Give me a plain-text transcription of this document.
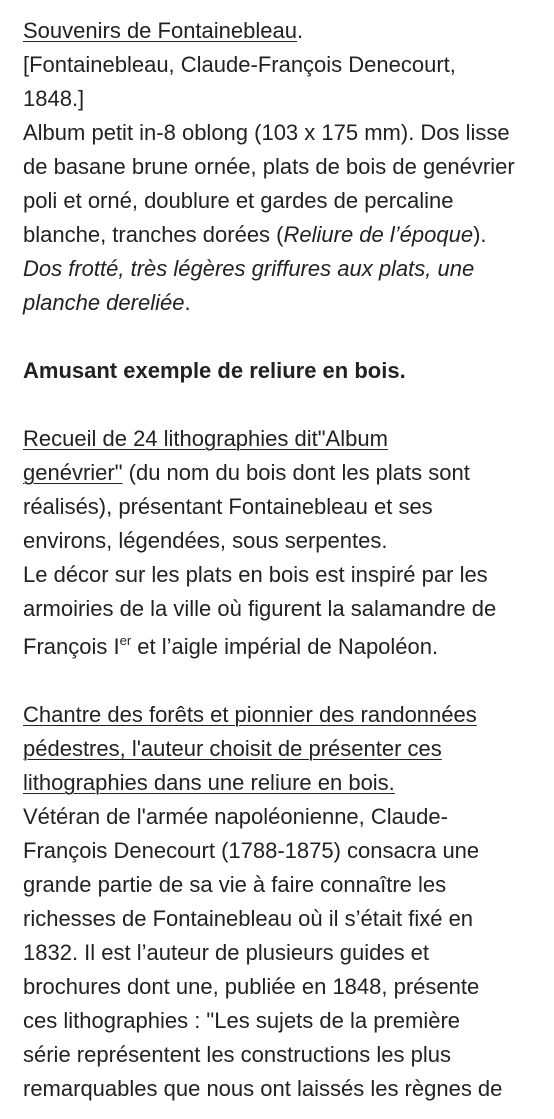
Souvenirs de Fontainebleau.
[Fontainebleau, Claude-François Denecourt,
1848.]

Album petit in-8 oblong (103 x 175 mm). Dos lisse
de basane brune ornée, plats de bois de genévrier
poli et orné, doublure et gardes de percaline
blanche, tranches dorées (Reliure de l’époque).
Dos frotté, très légères griffures aux plats, une
planche dereliée.

Amusant exemple de reliure en bois.

Recueil de 24 lithographies dit"Album
genévrier" (du nom du bois dont les plats sont
réalisés), présentant Fontainebleau et ses
environs, légendées, sous serpentes.
Le décor sur les plats en bois est inspiré par les
armoiries de la ville où figurent la salamandre de
François Ier et l’aigle impérial de Napoléon.

Chantre des forêts et pionnier des randonnées
pédestres, l'auteur choisit de présenter ces
lithographies dans une reliure en bois.
Vétéran de l'armée napoléonienne, Claude-
François Denecourt (1788-1875) consacra une
grande partie de sa vie à faire connaître les
richesses de Fontainebleau où il s’était fixé en
1832. Il est l’auteur de plusieurs guides et
brochures dont une, publiée en 1848, présente
ces lithographies : "Les sujets de la première
série représentent les constructions les plus
remarquables que nous ont laissés les règnes de
